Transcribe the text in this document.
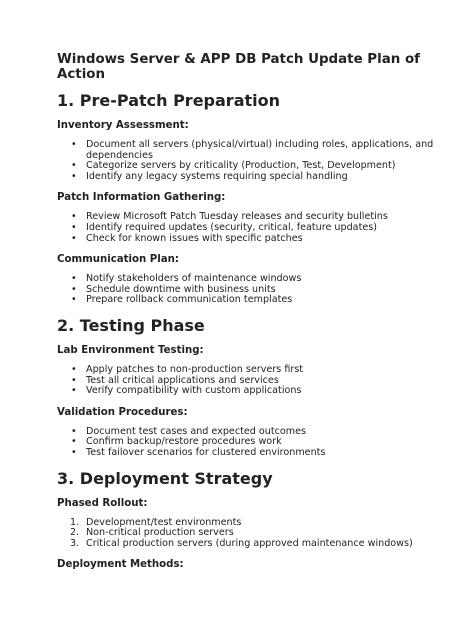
Windows Server & APP DB Patch Update Plan of Action
1. Pre-Patch Preparation
Inventory Assessment:
• Document all servers (physical/virtual) including roles, applications, and dependencies
• Categorize servers by criticality (Production, Test, Development)
• Identify any legacy systems requiring special handling
Patch Information Gathering:
• Review Microsoft Patch Tuesday releases and security bulletins
• Identify required updates (security, critical, feature updates)
• Check for known issues with specific patches
Communication Plan:
• Notify stakeholders of maintenance windows
• Schedule downtime with business units
• Prepare rollback communication templates
2. Testing Phase
Lab Environment Testing:
• Apply patches to non-production servers first
• Test all critical applications and services
• Verify compatibility with custom applications
Validation Procedures:
• Document test cases and expected outcomes
• Confirm backup/restore procedures work
• Test failover scenarios for clustered environments
3. Deployment Strategy
Phased Rollout:
1. Development/test environments
2. Non-critical production servers
3. Critical production servers (during approved maintenance windows)
Deployment Methods:
